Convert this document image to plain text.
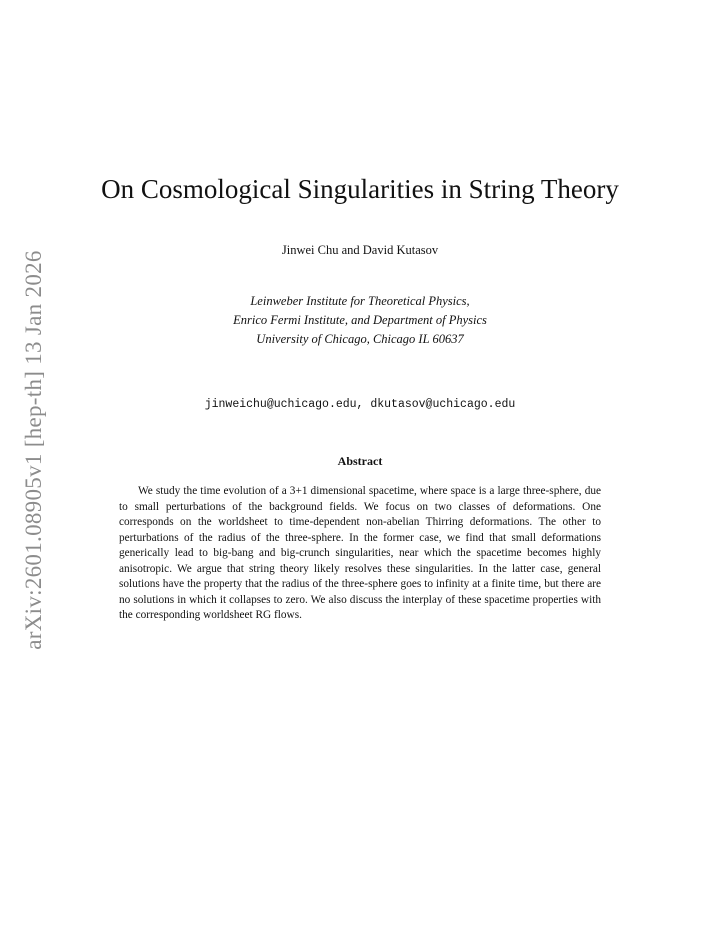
arXiv:2601.08905v1 [hep-th] 13 Jan 2026
On Cosmological Singularities in String Theory
Jinwei Chu and David Kutasov
Leinweber Institute for Theoretical Physics,
Enrico Fermi Institute, and Department of Physics
University of Chicago, Chicago IL 60637
jinweichu@uchicago.edu, dkutasov@uchicago.edu
Abstract

We study the time evolution of a 3+1 dimensional spacetime, where space is a large three-sphere, due to small perturbations of the background fields. We focus on two classes of deformations. One corresponds on the worldsheet to time-dependent non-abelian Thirring deformations. The other to perturbations of the radius of the three-sphere. In the former case, we find that small deformations generically lead to big-bang and big-crunch singularities, near which the spacetime becomes highly anisotropic. We argue that string theory likely resolves these singularities. In the latter case, general solutions have the property that the radius of the three-sphere goes to infinity at a finite time, but there are no solutions in which it collapses to zero. We also discuss the interplay of these spacetime properties with the corresponding worldsheet RG flows.
